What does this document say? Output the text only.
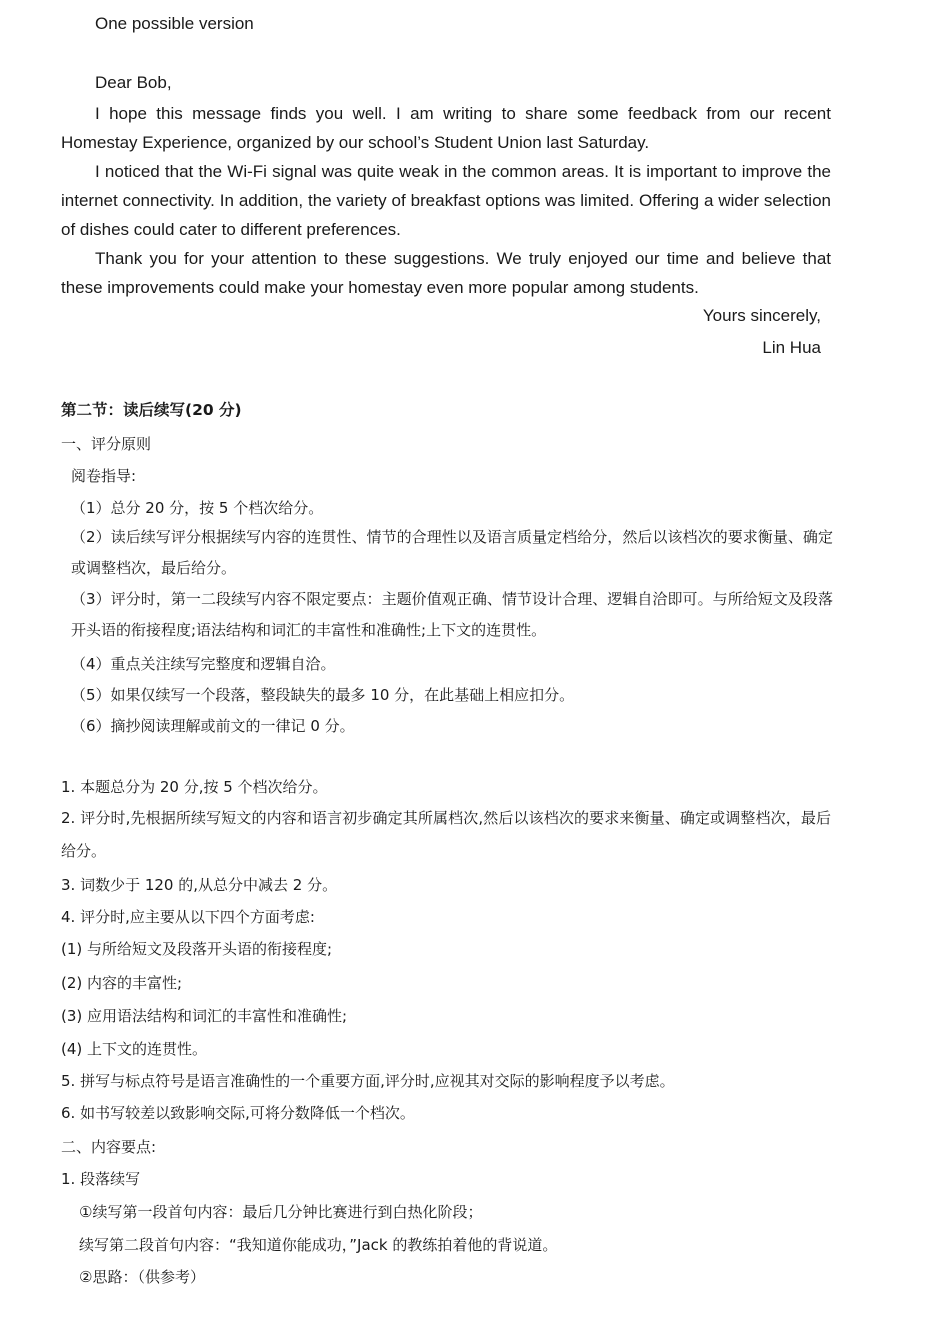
One possible version
Dear Bob,

I hope this message finds you well. I am writing to share some feedback from our recent Homestay Experience, organized by our school’s Student Union last Saturday.

I noticed that the Wi-Fi signal was quite weak in the common areas. It is important to improve the internet connectivity. In addition, the variety of breakfast options was limited. Offering a wider selection of dishes could cater to different preferences.

Thank you for your attention to these suggestions. We truly enjoyed our time and believe that these improvements could make your homestay even more popular among students.

Yours sincerely,
Lin Hua
第二节：读后续写(20 分)
一、评分原则
阅卷指导:
（1）总分 20 分，按 5 个档次给分。

（2）读后续写评分根据续写内容的连贯性、情节的合理性以及语言质量定档给分，然后以该档次的要求衡量、确定或调整档次，最后给分。

（3）评分时，第一二段续写内容不限定要点：主题价值观正确、情节设计合理、逻辑自洽即可。与所给短文及段落开头语的衔接程度;语法结构和词汇的丰富性和准确性;上下文的连贯性。

（4）重点关注续写完整度和逻辑自洽。
（5）如果仅续写一个段落，整段缺失的最多 10 分，在此基础上相应扣分。
（6）摘抄阅读理解或前文的一律记 0 分。
1. 本题总分为 20 分,按 5 个档次给分。

2. 评分时,先根据所续写短文的内容和语言初步确定其所属档次,然后以该档次的要求来衡量、确定或调整档次，最后给分。

3. 词数少于 120 的,从总分中减去 2 分。
4. 评分时,应主要从以下四个方面考虑:
(1) 与所给短文及段落开头语的衔接程度;
(2) 内容的丰富性;
(3) 应用语法结构和词汇的丰富性和准确性;
(4) 上下文的连贯性。
5. 拼写与标点符号是语言准确性的一个重要方面,评分时,应视其对交际的影响程度予以考虑。
6. 如书写较差以致影响交际,可将分数降低一个档次。
二、内容要点:
1. 段落续写
①续写第一段首句内容：最后几分钟比赛进行到白热化阶段；
续写第二段首句内容：“我知道你能成功，”Jack 的教练拍着他的背说道。
②思路：（供参考）
